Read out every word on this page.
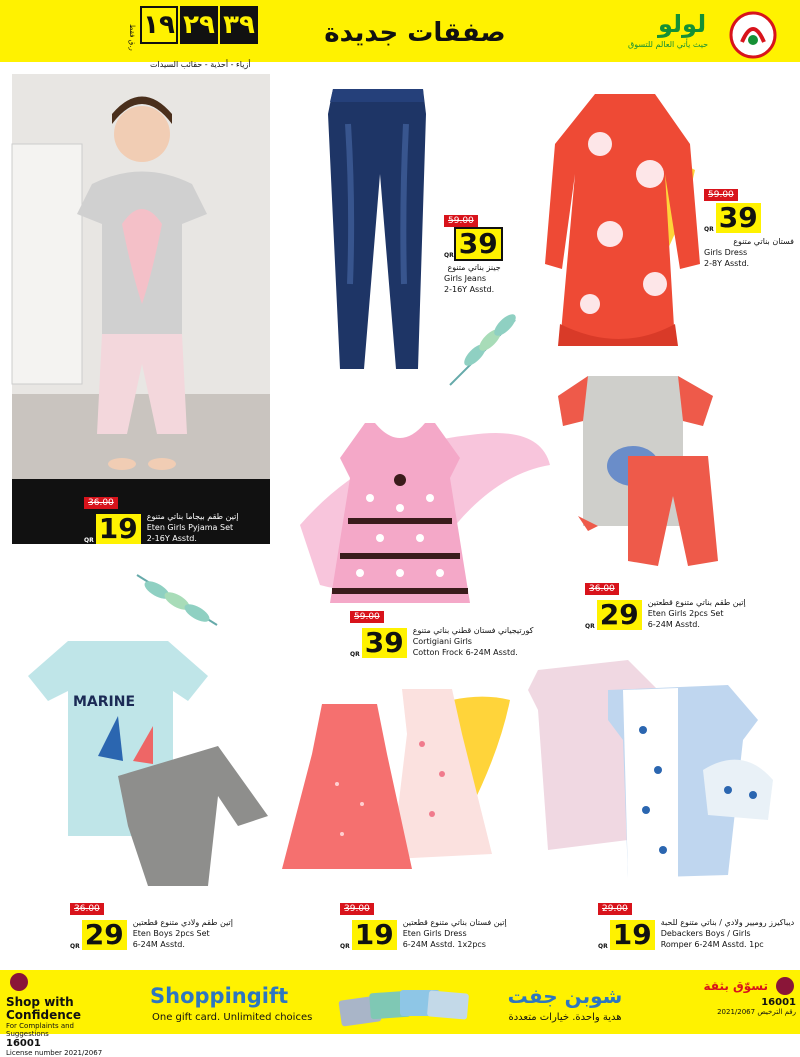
١٩ ٢٩ ٣٩
ر.ق فقط	صفقات جديدة
أزياء - أحذية - حقائب السيدات
لولو
حيث يأتي العالم للتسوق
36.00
QR 19	إتين طقم بيجاما بناتي متنوع
Eten Girls Pyjama Set
2-16Y Asstd.
59.00
QR 39
جينز بناتي متنوع
Girls Jeans
2-16Y Asstd.
59.00
QR 39
فستان بناتي متنوع
Girls Dress
2-8Y Asstd.
59.00
QR 39	كورتيجياني فستان قطني بناتي متنوع
Cortigiani Girls
Cotton Frock 6-24M Asstd.
36.00
QR 29	إتين طقم بناتي متنوع قطعتين
Eten Girls 2pcs Set
6-24M Asstd.
MARINE
36.00
QR 29	إتين طقم ولادي متنوع قطعتين
Eten Boys 2pcs Set
6-24M Asstd.
39.00
QR 19	إتين فستان بناتي متنوع قطعتين
Eten Girls Dress
6-24M Asstd. 1x2pcs
29.00
QR 19	ديباكيرز روميير ولادي / بناتي متنوع للحبة
Debackers Boys / Girls
Romper 6-24M Asstd. 1pc
Shop with
Confidence
For Complaints and Suggestions
16001
License number 2021/2067
Shoppingift
One gift card. Unlimited choices
شوبن جفت
هدية واحدة. خيارات متعددة
تسوّق بثقة
16001
2021/2067 رقم الترخيص
